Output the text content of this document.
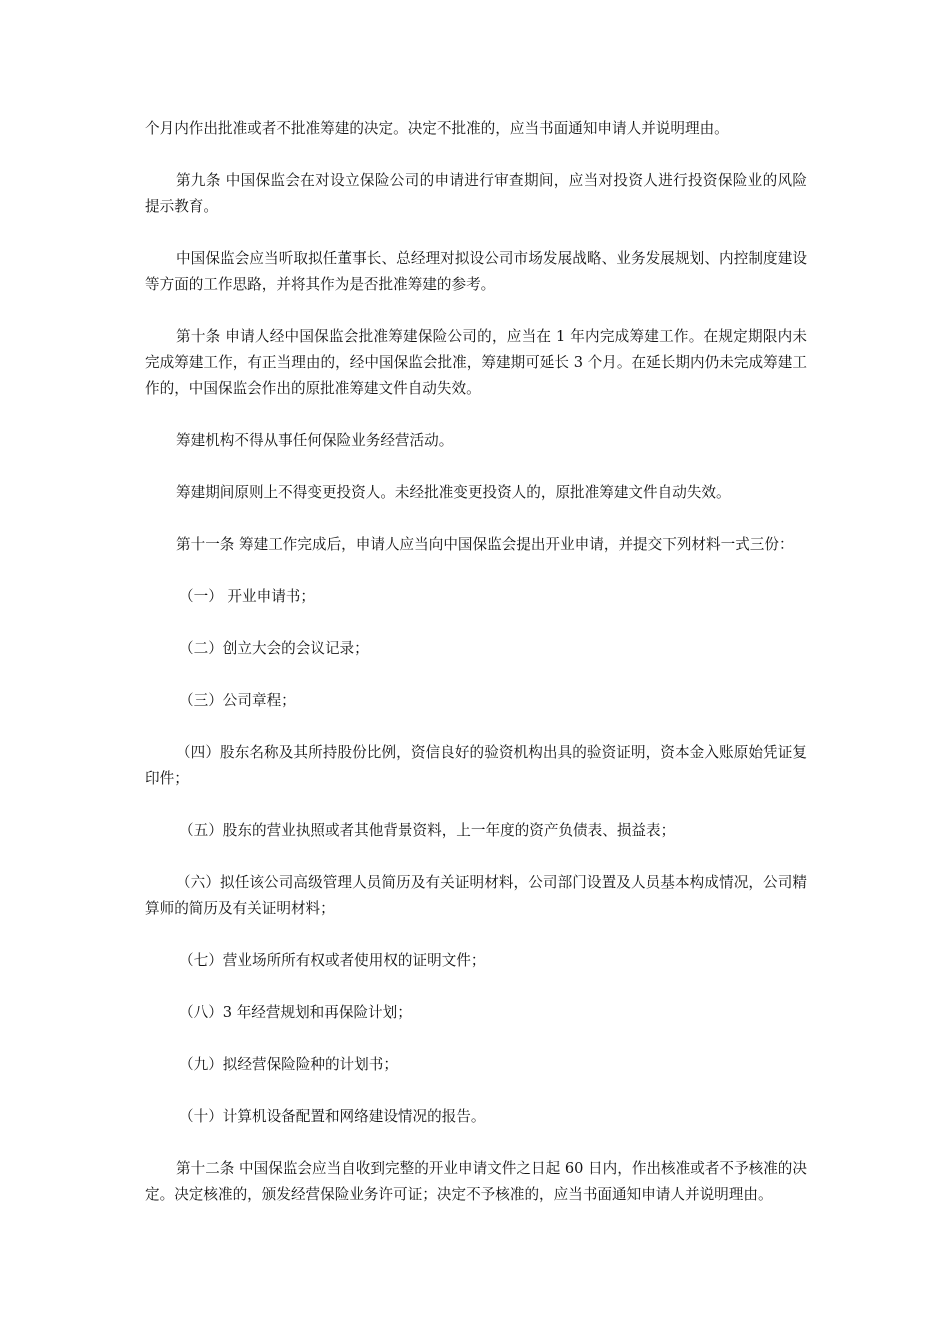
个月内作出批准或者不批准筹建的决定。决定不批准的，应当书面通知申请人并说明理由。

第九条 中国保监会在对设立保险公司的申请进行审查期间，应当对投资人进行投资保险业的风险提示教育。

中国保监会应当听取拟任董事长、总经理对拟设公司市场发展战略、业务发展规划、内控制度建设等方面的工作思路，并将其作为是否批准筹建的参考。

第十条 申请人经中国保监会批准筹建保险公司的，应当在 1 年内完成筹建工作。在规定期限内未完成筹建工作，有正当理由的，经中国保监会批准，筹建期可延长 3 个月。在延长期内仍未完成筹建工作的，中国保监会作出的原批准筹建文件自动失效。

筹建机构不得从事任何保险业务经营活动。

筹建期间原则上不得变更投资人。未经批准变更投资人的，原批准筹建文件自动失效。

第十一条 筹建工作完成后，申请人应当向中国保监会提出开业申请，并提交下列材料一式三份：

（一） 开业申请书；

（二）创立大会的会议记录；

（三）公司章程；

（四）股东名称及其所持股份比例，资信良好的验资机构出具的验资证明，资本金入账原始凭证复印件；

（五）股东的营业执照或者其他背景资料，上一年度的资产负债表、损益表；

（六）拟任该公司高级管理人员简历及有关证明材料，公司部门设置及人员基本构成情况，公司精算师的简历及有关证明材料；

（七）营业场所所有权或者使用权的证明文件；

（八）3 年经营规划和再保险计划；

（九）拟经营保险险种的计划书；

（十）计算机设备配置和网络建设情况的报告。

第十二条 中国保监会应当自收到完整的开业申请文件之日起 60 日内，作出核准或者不予核准的决定。决定核准的，颁发经营保险业务许可证；决定不予核准的，应当书面通知申请人并说明理由。
